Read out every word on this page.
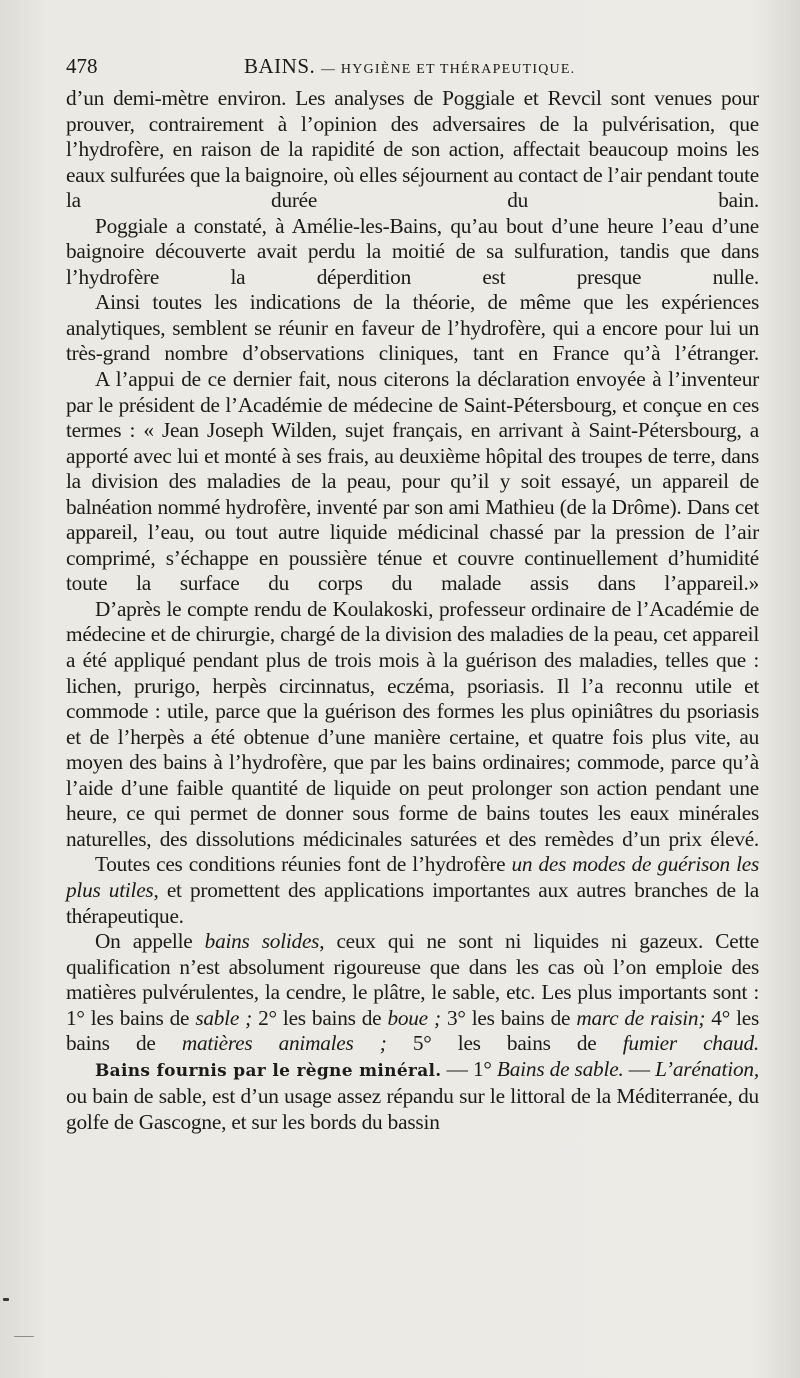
478	BAINS. — HYGIÈNE ET THÉRAPEUTIQUE.

d’un demi-mètre environ. Les analyses de Poggiale et Revcil sont venues pour prouver, contrairement à l’opinion des adversaires de la pulvérisation, que l’hydrofère, en raison de la rapidité de son action, affectait beaucoup moins les eaux sulfurées que la baignoire, où elles séjournent au contact de l’air pendant toute la durée du bain.

Poggiale a constaté, à Amélie-les-Bains, qu’au bout d’une heure l’eau d’une baignoire découverte avait perdu la moitié de sa sulfuration, tandis que dans l’hydrofère la déperdition est presque nulle.

Ainsi toutes les indications de la théorie, de même que les expériences analytiques, semblent se réunir en faveur de l’hydrofère, qui a encore pour lui un très-grand nombre d’observations cliniques, tant en France qu’à l’étranger.

A l’appui de ce dernier fait, nous citerons la déclaration envoyée à l’inventeur par le président de l’Académie de médecine de Saint-Pétersbourg, et conçue en ces termes : « Jean Joseph Wilden, sujet français, en arrivant à Saint-Pétersbourg, a apporté avec lui et monté à ses frais, au deuxième hôpital des troupes de terre, dans la division des maladies de la peau, pour qu’il y soit essayé, un appareil de balnéation nommé hydrofère, inventé par son ami Mathieu (de la Drôme). Dans cet appareil, l’eau, ou tout autre liquide médicinal chassé par la pression de l’air comprimé, s’échappe en poussière ténue et couvre continuellement d’humidité toute la surface du corps du malade assis dans l’appareil.»

D’après le compte rendu de Koulakoski, professeur ordinaire de l’Académie de médecine et de chirurgie, chargé de la division des maladies de la peau, cet appareil a été appliqué pendant plus de trois mois à la guérison des maladies, telles que : lichen, prurigo, herpès circinnatus, eczéma, psoriasis. Il l’a reconnu utile et commode : utile, parce que la guérison des formes les plus opiniâtres du psoriasis et de l’herpès a été obtenue d’une manière certaine, et quatre fois plus vite, au moyen des bains à l’hydrofère, que par les bains ordinaires; commode, parce qu’à l’aide d’une faible quantité de liquide on peut prolonger son action pendant une heure, ce qui permet de donner sous forme de bains toutes les eaux minérales naturelles, des dissolutions médicinales saturées et des remèdes d’un prix élevé.

Toutes ces conditions réunies font de l’hydrofère un des modes de guérison les plus utiles, et promettent des applications importantes aux autres branches de la thérapeutique.

On appelle bains solides, ceux qui ne sont ni liquides ni gazeux. Cette qualification n’est absolument rigoureuse que dans les cas où l’on emploie des matières pulvérulentes, la cendre, le plâtre, le sable, etc. Les plus importants sont : 1° les bains de sable ; 2° les bains de boue ; 3° les bains de marc de raisin; 4° les bains de matières animales ; 5° les bains de fumier chaud.

Bains fournis par le règne minéral. — 1° Bains de sable. — L’arénation, ou bain de sable, est d’un usage assez répandu sur le littoral de la Méditerranée, du golfe de Gascogne, et sur les bords du bassin
